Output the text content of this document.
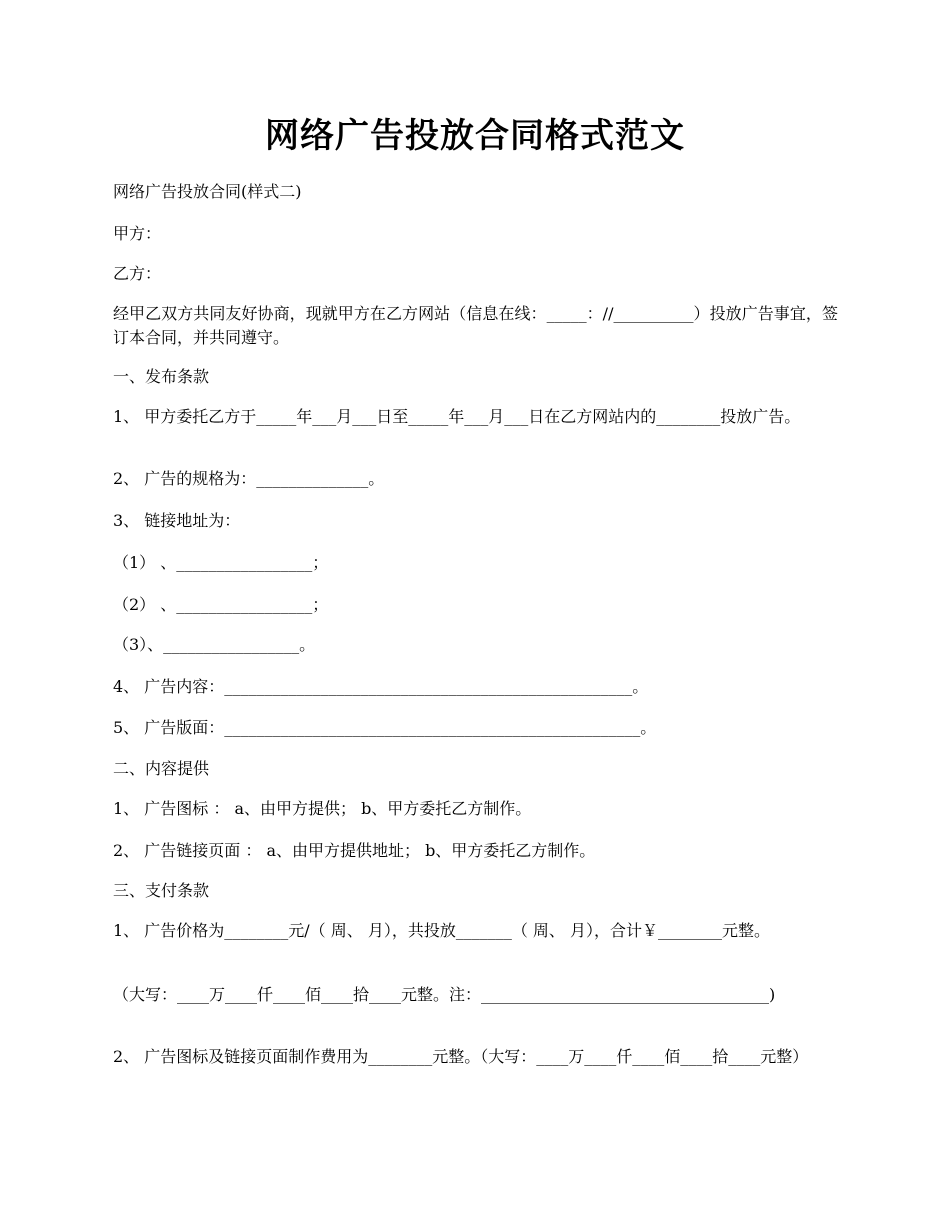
网络广告投放合同格式范文
网络广告投放合同(样式二)
甲方：
乙方：
经甲乙双方共同友好协商，现就甲方在乙方网站（信息在线：_____：//__________）投放广告事宜，签订本合同，并共同遵守。
一、发布条款
1、 甲方委托乙方于_____年___月___日至_____年___月___日在乙方网站内的________投放广告。
2、 广告的规格为：______________。
3、 链接地址为：
（1） 、_________________；
（2） 、_________________；
（3）、_________________。
4、 广告内容：___________________________________________________。
5、 广告版面：____________________________________________________。
二、内容提供
1、 广告图标 ： a、由甲方提供； b、甲方委托乙方制作。
2、 广告链接页面 ： a、由甲方提供地址； b、甲方委托乙方制作。
三、支付条款
1、 广告价格为________元/（ 周、 月），共投放_______（ 周、 月），合计￥________元整。
（大写：____万____仟____佰____拾____元整。注：____________________________________)
2、 广告图标及链接页面制作费用为________元整。（大写：____万____仟____佰____拾____元整）
